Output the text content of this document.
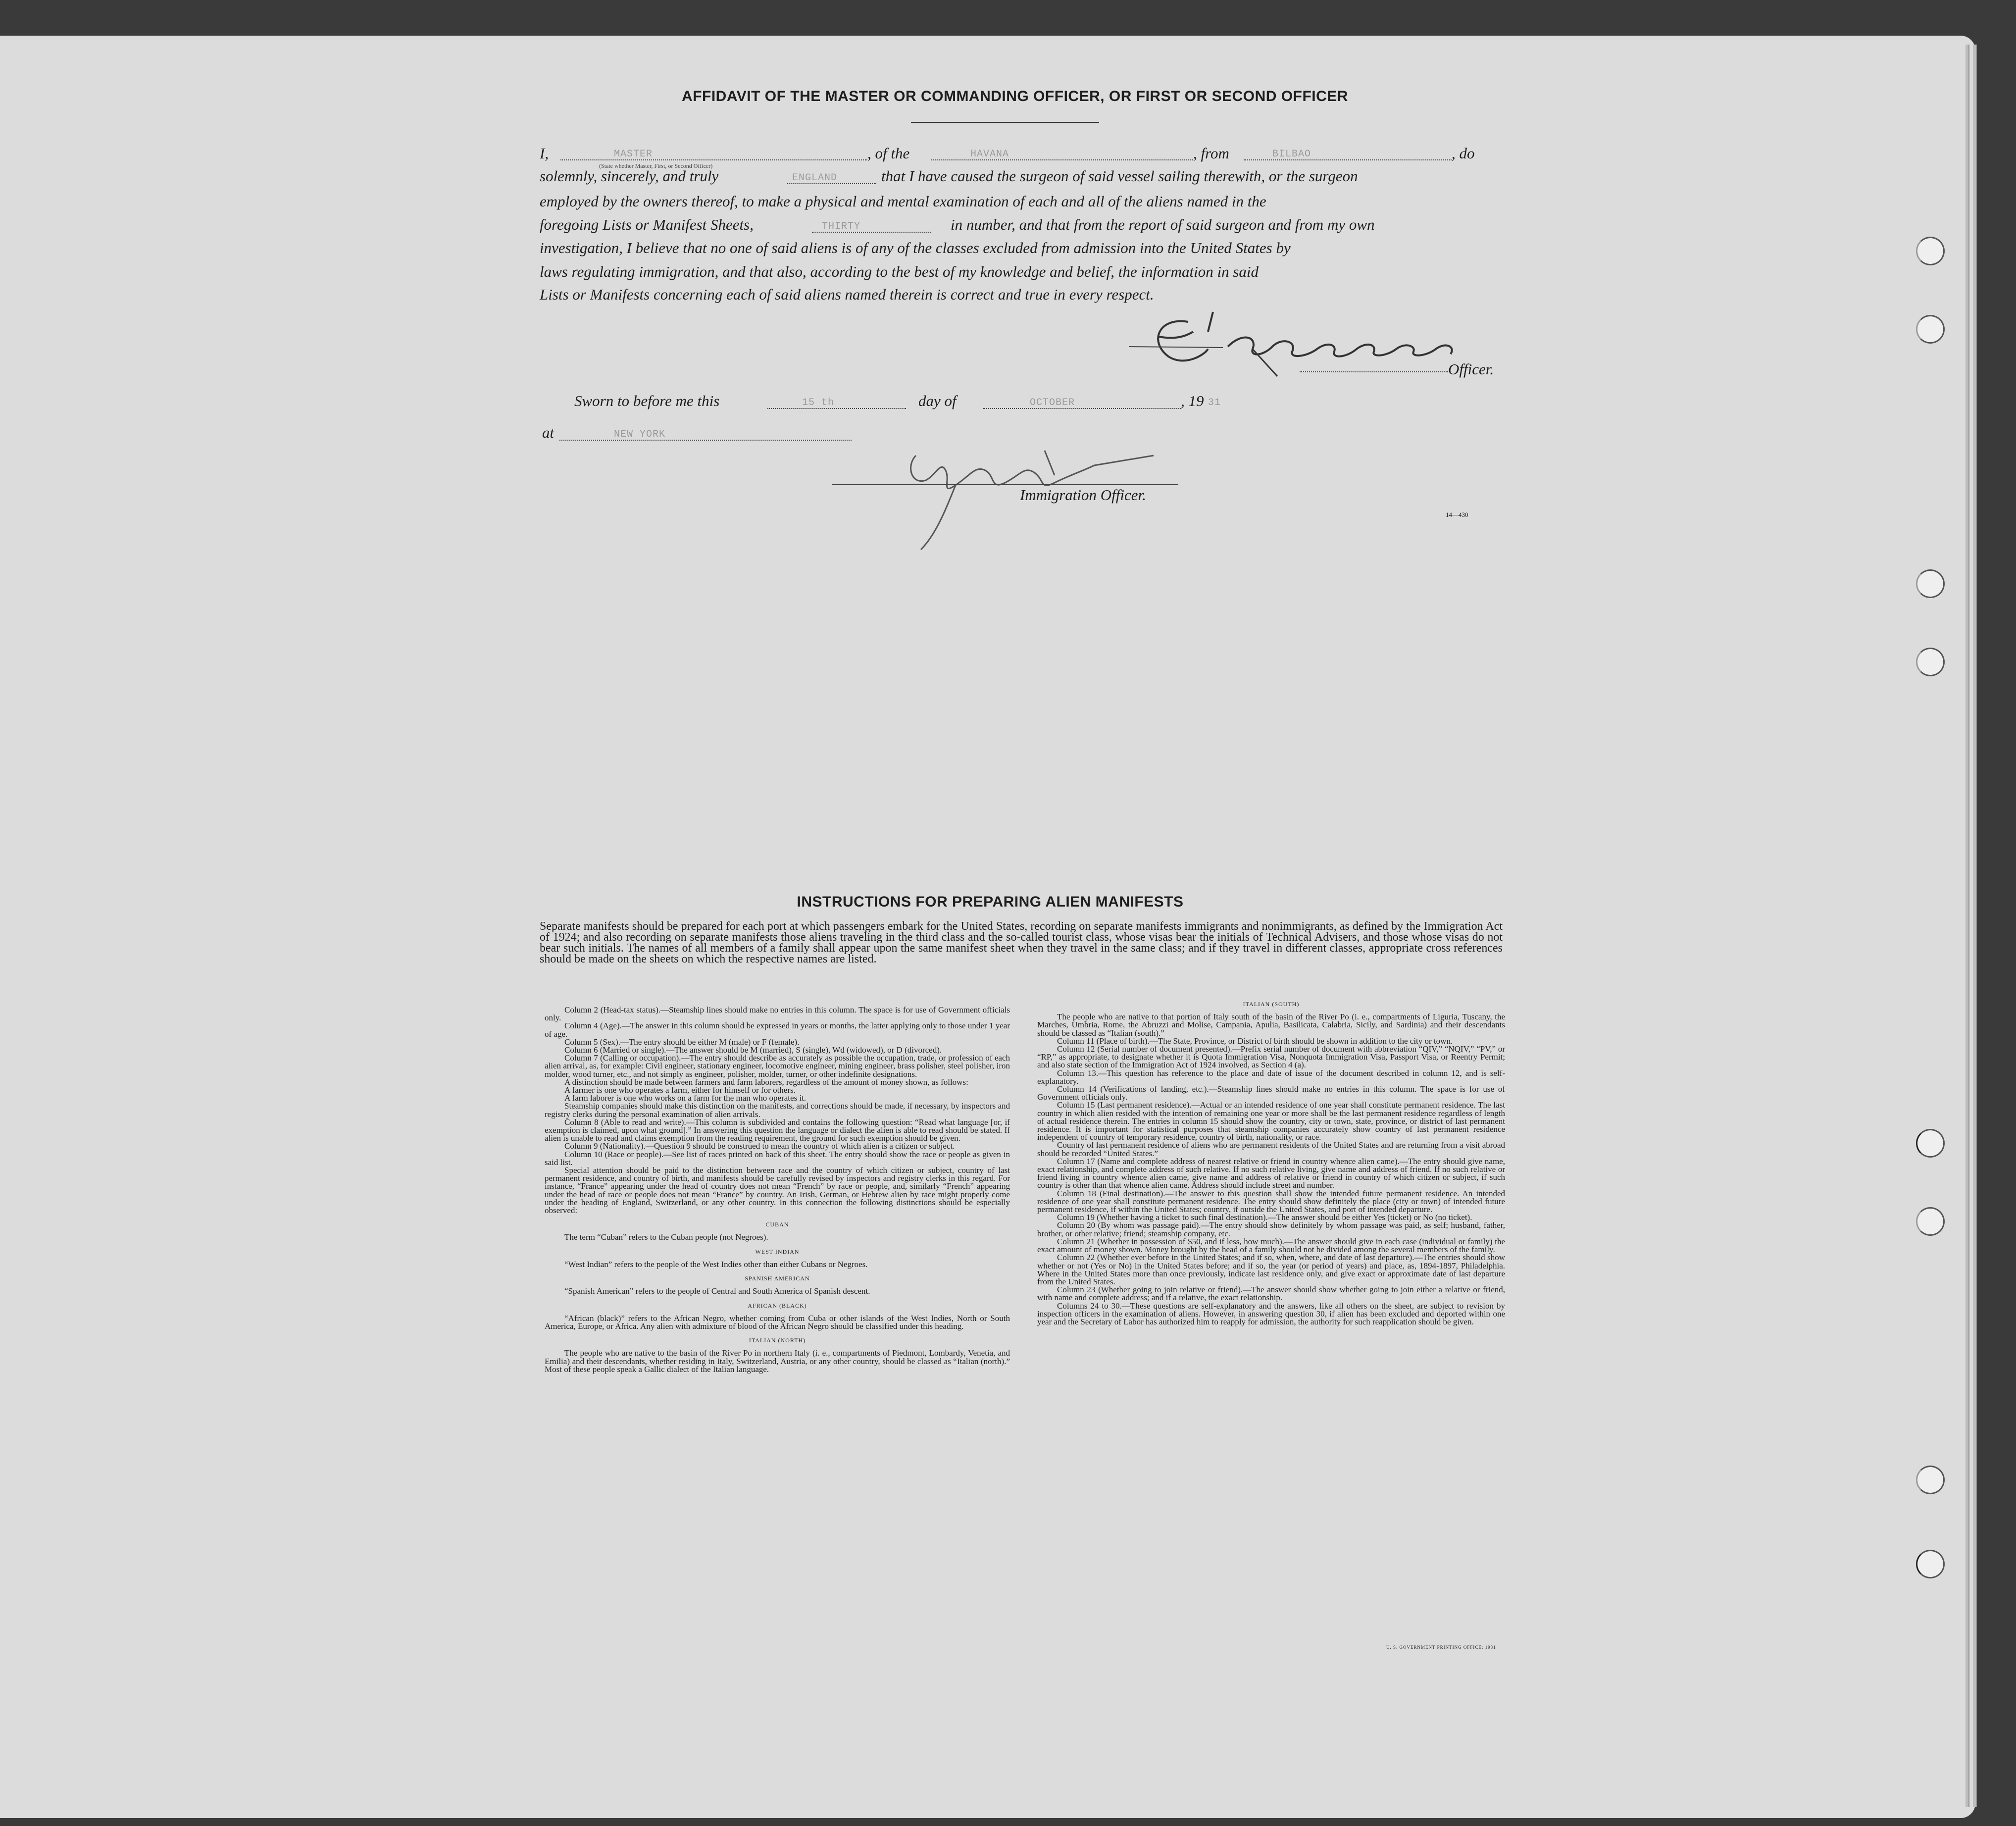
AFFIDAVIT OF THE MASTER OR COMMANDING OFFICER, OR FIRST OR SECOND OFFICER
I,	MASTER
(State whether Master, First, or Second Officer)
, of the	HAVANA	, from	BILBAO	, do
solemnly, sincerely, and truly	ENGLAND	that I have caused the surgeon of said vessel sailing therewith, or the surgeon
employed by the owners thereof, to make a physical and mental examination of each and all of the aliens named in the
foregoing Lists or Manifest Sheets,	THIRTY	in number, and that from the report of said surgeon and from my own
investigation, I believe that no one of said aliens is of any of the classes excluded from admission into the United States by
laws regulating immigration, and that also, according to the best of my knowledge and belief, the information in said
Lists or Manifests concerning each of said aliens named therein is correct and true in every respect.
Officer.
Sworn to before me this	15 th	day of	OCTOBER	, 19 31
at	NEW YORK
Immigration Officer.
14—430
INSTRUCTIONS FOR PREPARING ALIEN MANIFESTS
Separate manifests should be prepared for each port at which passengers embark for the United States, recording on separate manifests immigrants and nonimmigrants, as defined by the Immigration Act of 1924; and also recording on separate manifests those aliens traveling in the third class and the so-called tourist class, whose visas bear the initials of Technical Advisers, and those whose visas do not bear such initials. The names of all members of a family shall appear upon the same manifest sheet when they travel in the same class; and if they travel in different classes, appropriate cross references should be made on the sheets on which the respective names are listed.

Column 2 (Head-tax status).—Steamship lines should make no entries in this column. The space is for use of Government officials only.

Column 4 (Age).—The answer in this column should be expressed in years or months, the latter applying only to those under 1 year of age.

Column 5 (Sex).—The entry should be either M (male) or F (female).

Column 6 (Married or single).—The answer should be M (married), S (single), Wd (widowed), or D (divorced).

Column 7 (Calling or occupation).—The entry should describe as accurately as possible the occupation, trade, or profession of each alien arrival, as, for example: Civil engineer, stationary engineer, locomotive engineer, mining engineer, brass polisher, steel polisher, iron molder, wood turner, etc., and not simply as engineer, polisher, molder, turner, or other indefinite designations.

A distinction should be made between farmers and farm laborers, regardless of the amount of money shown, as follows:

A farmer is one who operates a farm, either for himself or for others.

A farm laborer is one who works on a farm for the man who operates it.

Steamship companies should make this distinction on the manifests, and corrections should be made, if necessary, by inspectors and registry clerks during the personal examination of alien arrivals.

Column 8 (Able to read and write).—This column is subdivided and contains the following question: “Read what language [or, if exemption is claimed, upon what ground].” In answering this question the language or dialect the alien is able to read should be stated. If alien is unable to read and claims exemption from the reading requirement, the ground for such exemption should be given.

Column 9 (Nationality).—Question 9 should be construed to mean the country of which alien is a citizen or subject.

Column 10 (Race or people).—See list of races printed on back of this sheet. The entry should show the race or people as given in said list.

Special attention should be paid to the distinction between race and the country of which citizen or subject, country of last permanent residence, and country of birth, and manifests should be carefully revised by inspectors and registry clerks in this regard. For instance, “France” appearing under the head of country does not mean “French” by race or people, and, similarly “French” appearing under the head of race or people does not mean “France” by country. An Irish, German, or Hebrew alien by race might properly come under the heading of England, Switzerland, or any other country. In this connection the following distinctions should be especially observed:

CUBAN

The term “Cuban” refers to the Cuban people (not Negroes).

WEST INDIAN

“West Indian” refers to the people of the West Indies other than either Cubans or Negroes.

SPANISH AMERICAN

“Spanish American” refers to the people of Central and South America of Spanish descent.

AFRICAN (BLACK)

“African (black)” refers to the African Negro, whether coming from Cuba or other islands of the West Indies, North or South America, Europe, or Africa. Any alien with admixture of blood of the African Negro should be classified under this heading.

ITALIAN (NORTH)

The people who are native to the basin of the River Po in northern Italy (i. e., compartments of Piedmont, Lombardy, Venetia, and Emilia) and their descendants, whether residing in Italy, Switzerland, Austria, or any other country, should be classed as “Italian (north).” Most of these people speak a Gallic dialect of the Italian language.

ITALIAN (SOUTH)

The people who are native to that portion of Italy south of the basin of the River Po (i. e., compartments of Liguria, Tuscany, the Marches, Umbria, Rome, the Abruzzi and Molise, Campania, Apulia, Basilicata, Calabria, Sicily, and Sardinia) and their descendants should be classed as “Italian (south).”

Column 11 (Place of birth).—The State, Province, or District of birth should be shown in addition to the city or town.

Column 12 (Serial number of document presented).—Prefix serial number of document with abbreviation “QIV,” “NQIV,” “PV,” or “RP,” as appropriate, to designate whether it is Quota Immigration Visa, Nonquota Immigration Visa, Passport Visa, or Reentry Permit; and also state section of the Immigration Act of 1924 involved, as Section 4 (a).

Column 13.—This question has reference to the place and date of issue of the document described in column 12, and is self-explanatory.

Column 14 (Verifications of landing, etc.).—Steamship lines should make no entries in this column. The space is for use of Government officials only.

Column 15 (Last permanent residence).—Actual or an intended residence of one year shall constitute permanent residence. The last country in which alien resided with the intention of remaining one year or more shall be the last permanent residence regardless of length of actual residence therein. The entries in column 15 should show the country, city or town, state, province, or district of last permanent residence. It is important for statistical purposes that steamship companies accurately show country of last permanent residence independent of country of temporary residence, country of birth, nationality, or race.

Country of last permanent residence of aliens who are permanent residents of the United States and are returning from a visit abroad should be recorded “United States.”

Column 17 (Name and complete address of nearest relative or friend in country whence alien came).—The entry should give name, exact relationship, and complete address of such relative. If no such relative living, give name and address of friend. If no such relative or friend living in country whence alien came, give name and address of relative or friend in country of which citizen or subject, if such country is other than that whence alien came. Address should include street and number.

Column 18 (Final destination).—The answer to this question shall show the intended future permanent residence. An intended residence of one year shall constitute permanent residence. The entry should show definitely the place (city or town) of intended future permanent residence, if within the United States; country, if outside the United States, and port of intended departure.

Column 19 (Whether having a ticket to such final destination).—The answer should be either Yes (ticket) or No (no ticket).

Column 20 (By whom was passage paid).—The entry should show definitely by whom passage was paid, as self; husband, father, brother, or other relative; friend; steamship company, etc.

Column 21 (Whether in possession of $50, and if less, how much).—The answer should give in each case (individual or family) the exact amount of money shown. Money brought by the head of a family should not be divided among the several members of the family.

Column 22 (Whether ever before in the United States; and if so, when, where, and date of last departure).—The entries should show whether or not (Yes or No) in the United States before; and if so, the year (or period of years) and place, as, 1894-1897, Philadelphia. Where in the United States more than once previously, indicate last residence only, and give exact or approximate date of last departure from the United States.

Column 23 (Whether going to join relative or friend).—The answer should show whether going to join either a relative or friend, with name and complete address; and if a relative, the exact relationship.

Columns 24 to 30.—These questions are self-explanatory and the answers, like all others on the sheet, are subject to revision by inspection officers in the examination of aliens. However, in answering question 30, if alien has been excluded and deported within one year and the Secretary of Labor has authorized him to reapply for admission, the authority for such reapplication should be given.

U. S. GOVERNMENT PRINTING OFFICE: 1931
